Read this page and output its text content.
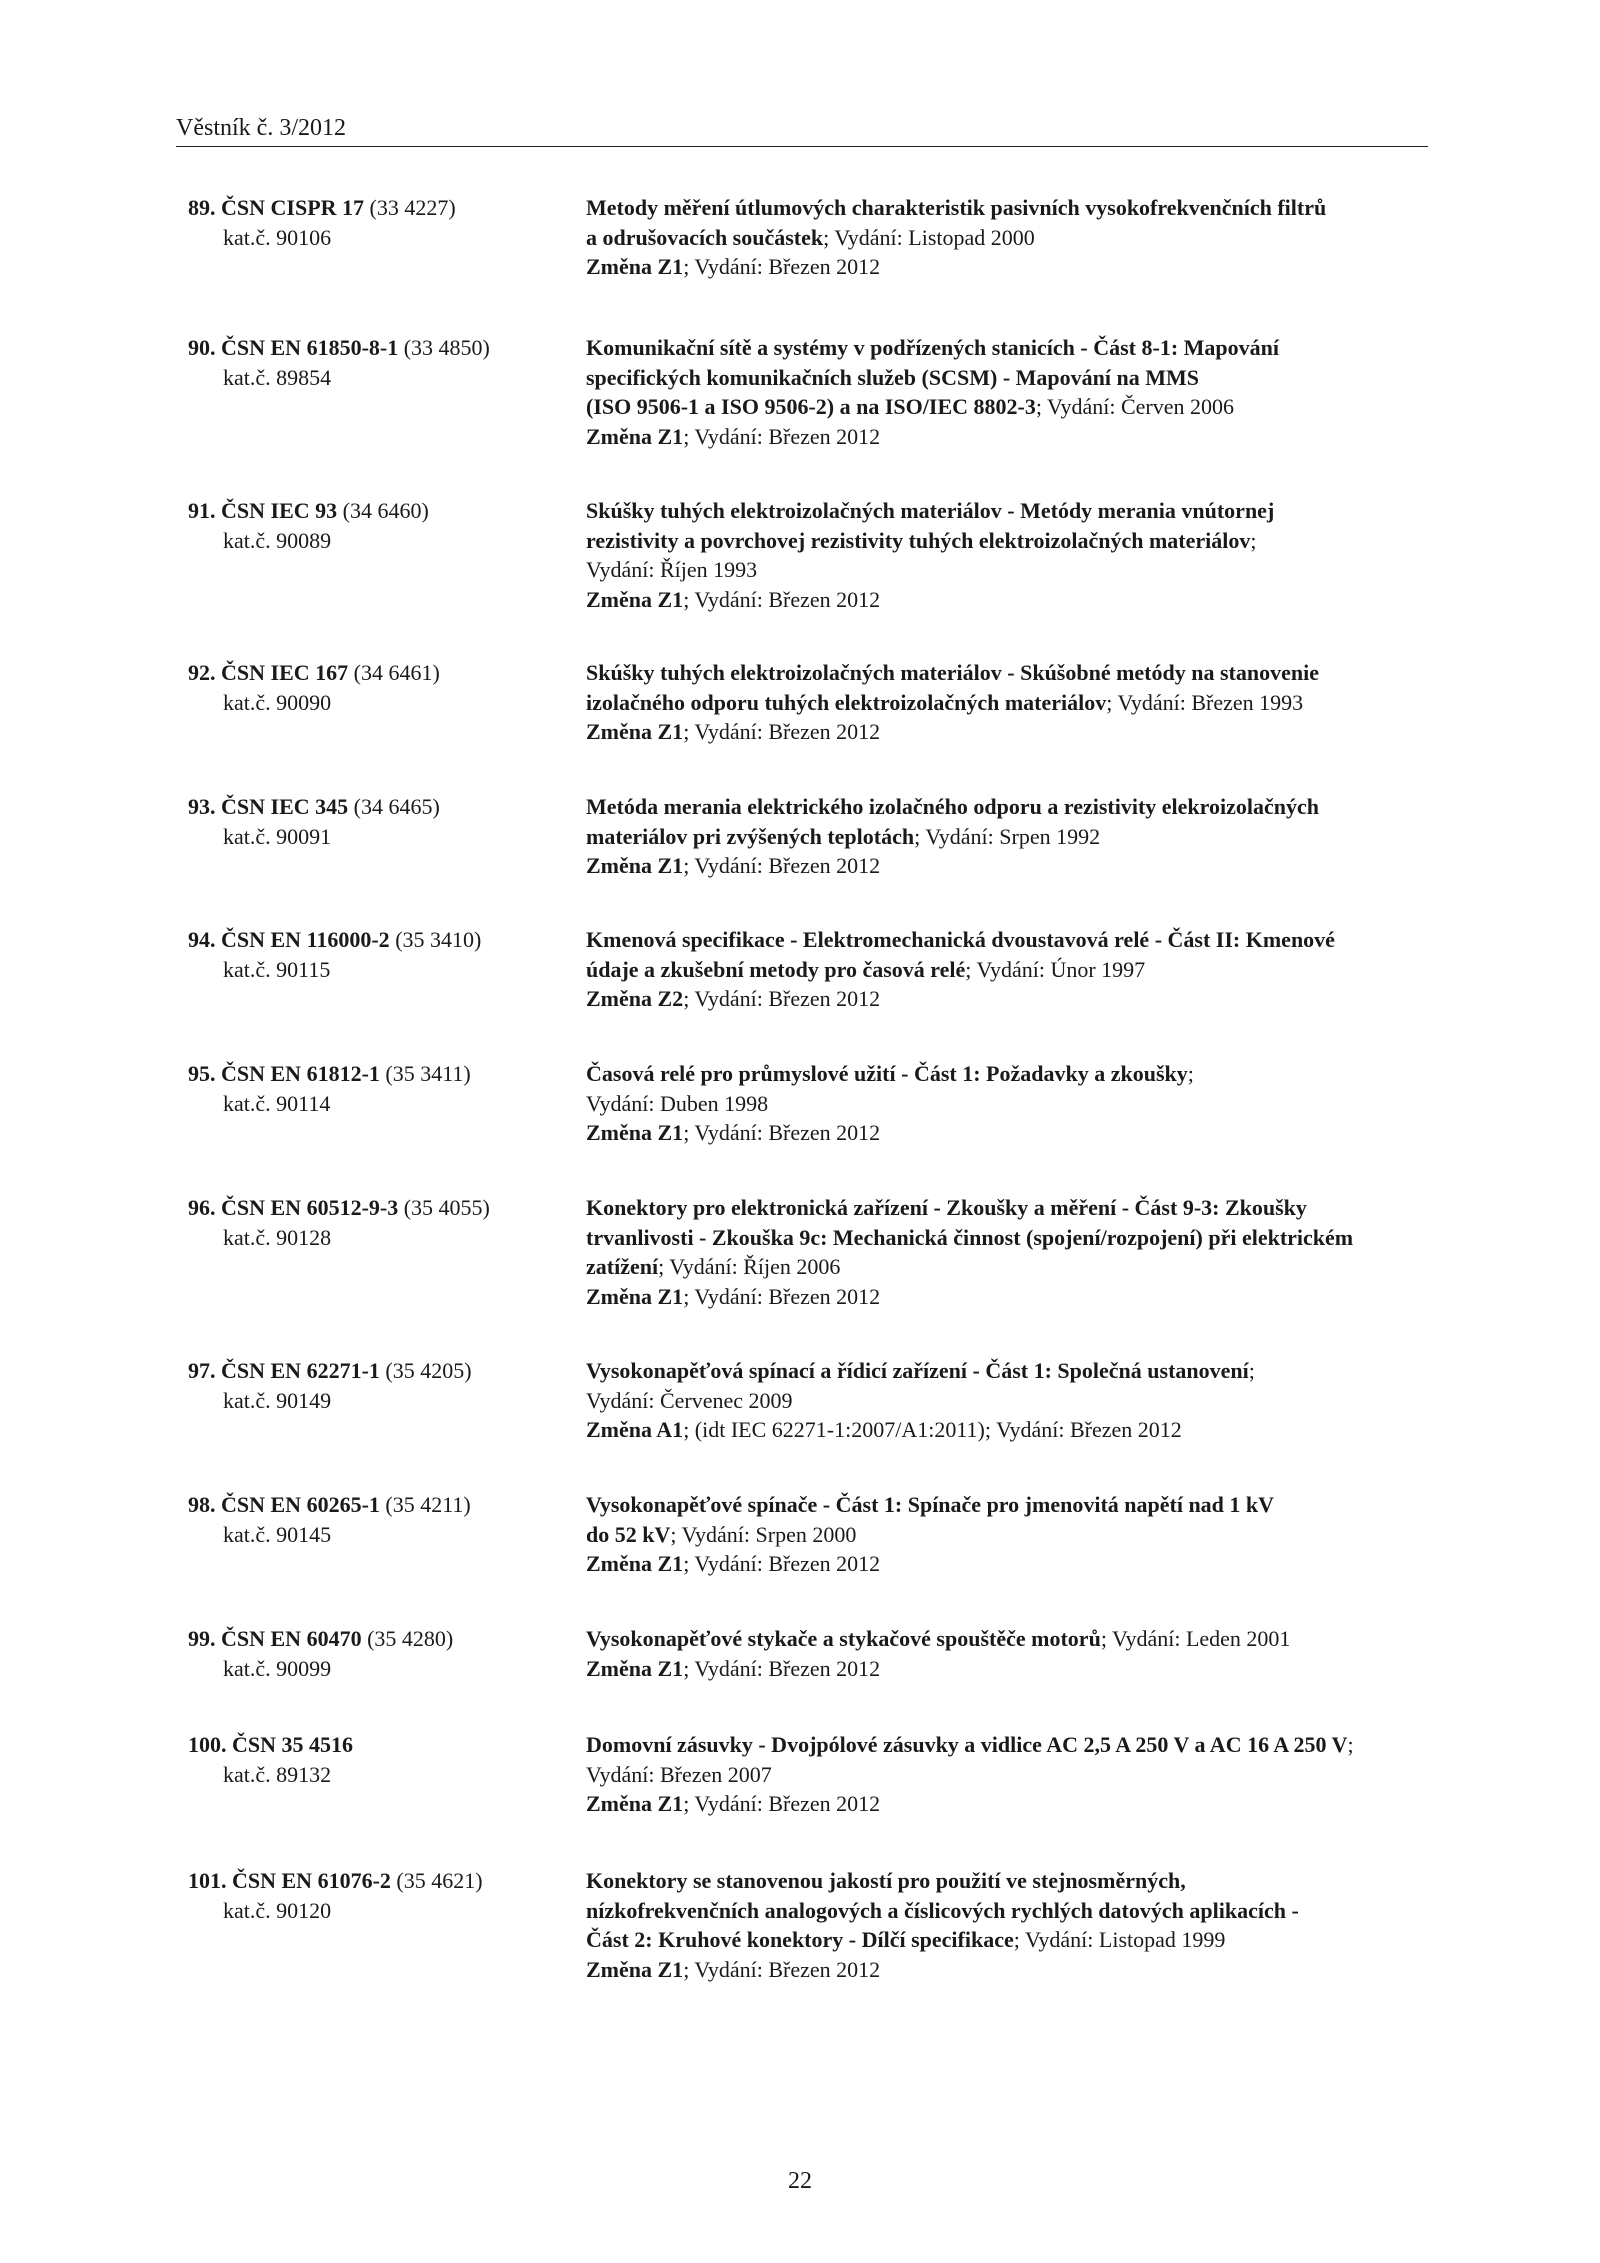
Věstník č. 3/2012
89. ČSN CISPR 17 (33 4227)
kat.č. 90106
Metody měření útlumových charakteristik pasivních vysokofrekvenčních filtrů
a odrušovacích součástek; Vydání: Listopad 2000
Změna Z1; Vydání: Březen 2012
90. ČSN EN 61850-8-1 (33 4850)
kat.č. 89854
Komunikační sítě a systémy v podřízených stanicích - Část 8-1: Mapování
specifických komunikačních služeb (SCSM) - Mapování na MMS
(ISO 9506-1 a ISO 9506-2) a na ISO/IEC 8802-3; Vydání: Červen 2006
Změna Z1; Vydání: Březen 2012
91. ČSN IEC 93 (34 6460)
kat.č. 90089
Skúšky tuhých elektroizolačných materiálov - Metódy merania vnútornej
rezistivity a povrchovej rezistivity tuhých elektroizolačných materiálov;
Vydání: Říjen 1993
Změna Z1; Vydání: Březen 2012
92. ČSN IEC 167 (34 6461)
kat.č. 90090
Skúšky tuhých elektroizolačných materiálov - Skúšobné metódy na stanovenie
izolačného odporu tuhých elektroizolačných materiálov; Vydání: Březen 1993
Změna Z1; Vydání: Březen 2012
93. ČSN IEC 345 (34 6465)
kat.č. 90091
Metóda merania elektrického izolačného odporu a rezistivity elekroizolačných
materiálov pri zvýšených teplotách; Vydání: Srpen 1992
Změna Z1; Vydání: Březen 2012
94. ČSN EN 116000-2 (35 3410)
kat.č. 90115
Kmenová specifikace - Elektromechanická dvoustavová relé - Část II: Kmenové
údaje a zkušební metody pro časová relé; Vydání: Únor 1997
Změna Z2; Vydání: Březen 2012
95. ČSN EN 61812-1 (35 3411)
kat.č. 90114
Časová relé pro průmyslové užití - Část 1: Požadavky a zkoušky;
Vydání: Duben 1998
Změna Z1; Vydání: Březen 2012
96. ČSN EN 60512-9-3 (35 4055)
kat.č. 90128
Konektory pro elektronická zařízení - Zkoušky a měření - Část 9-3: Zkoušky
trvanlivosti - Zkouška 9c: Mechanická činnost (spojení/rozpojení) při elektrickém
zatížení; Vydání: Říjen 2006
Změna Z1; Vydání: Březen 2012
97. ČSN EN 62271-1 (35 4205)
kat.č. 90149
Vysokonapěťová spínací a řídicí zařízení - Část 1: Společná ustanovení;
Vydání: Červenec 2009
Změna A1; (idt IEC 62271-1:2007/A1:2011); Vydání: Březen 2012
98. ČSN EN 60265-1 (35 4211)
kat.č. 90145
Vysokonapěťové spínače - Část 1: Spínače pro jmenovitá napětí nad 1 kV
do 52 kV; Vydání: Srpen 2000
Změna Z1; Vydání: Březen 2012
99. ČSN EN 60470 (35 4280)
kat.č. 90099
Vysokonapěťové stykače a stykačové spouštěče motorů; Vydání: Leden 2001
Změna Z1; Vydání: Březen 2012
100. ČSN 35 4516
kat.č. 89132
Domovní zásuvky - Dvojpólové zásuvky a vidlice AC 2,5 A 250 V a AC 16 A 250 V;
Vydání: Březen 2007
Změna Z1; Vydání: Březen 2012
101. ČSN EN 61076-2 (35 4621)
kat.č. 90120
Konektory se stanovenou jakostí pro použití ve stejnosměrných,
nízkofrekvenčních analogových a číslicových rychlých datových aplikacích -
Část 2: Kruhové konektory - Dílčí specifikace; Vydání: Listopad 1999
Změna Z1; Vydání: Březen 2012
22
